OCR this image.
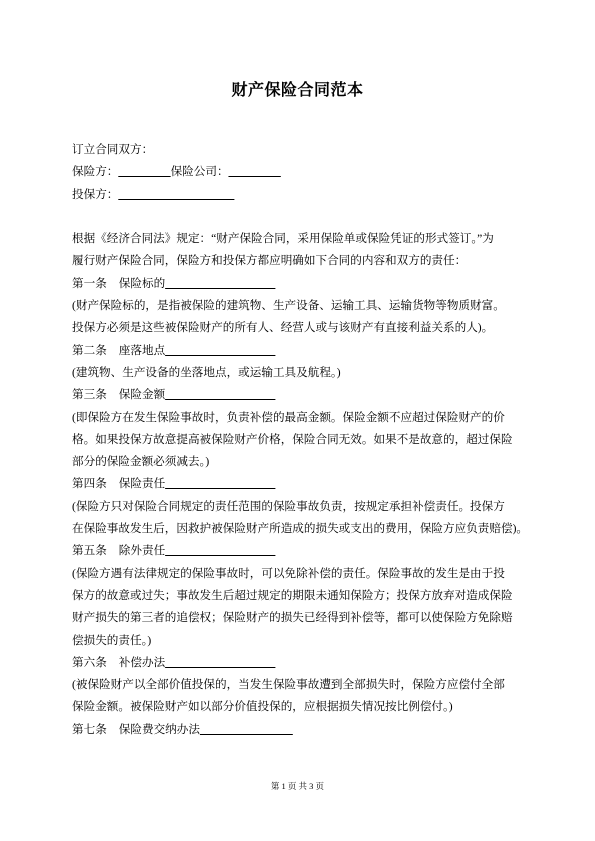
财产保险合同范本
订立合同双方：
保险方：_________保险公司：_________
投保方：____________________
根据《经济合同法》规定：“财产保险合同，采用保险单或保险凭证的形式签订。”为
履行财产保险合同，保险方和投保方都应明确如下合同的内容和双方的责任：
第一条 保险标的___________________
(财产保险标的，是指被保险的建筑物、生产设备、运输工具、运输货物等物质财富。
投保方必须是这些被保险财产的所有人、经营人或与该财产有直接利益关系的人)。
第二条 座落地点___________________
(建筑物、生产设备的坐落地点，或运输工具及航程。)
第三条 保险金额___________________
(即保险方在发生保险事故时，负责补偿的最高金额。保险金额不应超过保险财产的价
格。如果投保方故意提高被保险财产价格，保险合同无效。如果不是故意的，超过保险
部分的保险金额必须减去。)
第四条 保险责任___________________
(保险方只对保险合同规定的责任范围的保险事故负责，按规定承担补偿责任。投保方
在保险事故发生后，因救护被保险财产所造成的损失或支出的费用，保险方应负责赔偿)。
第五条 除外责任___________________
(保险方遇有法律规定的保险事故时，可以免除补偿的责任。保险事故的发生是由于投
保方的故意或过失；事故发生后超过规定的期限未通知保险方；投保方放弃对造成保险
财产损失的第三者的追偿权；保险财产的损失已经得到补偿等，都可以使保险方免除赔
偿损失的责任。)
第六条 补偿办法___________________
(被保险财产以全部价值投保的，当发生保险事故遭到全部损失时，保险方应偿付全部
保险金额。被保险财产如以部分价值投保的，应根据损失情况按比例偿付。)
第七条 保险费交纳办法________________
第 1 页 共 3 页
